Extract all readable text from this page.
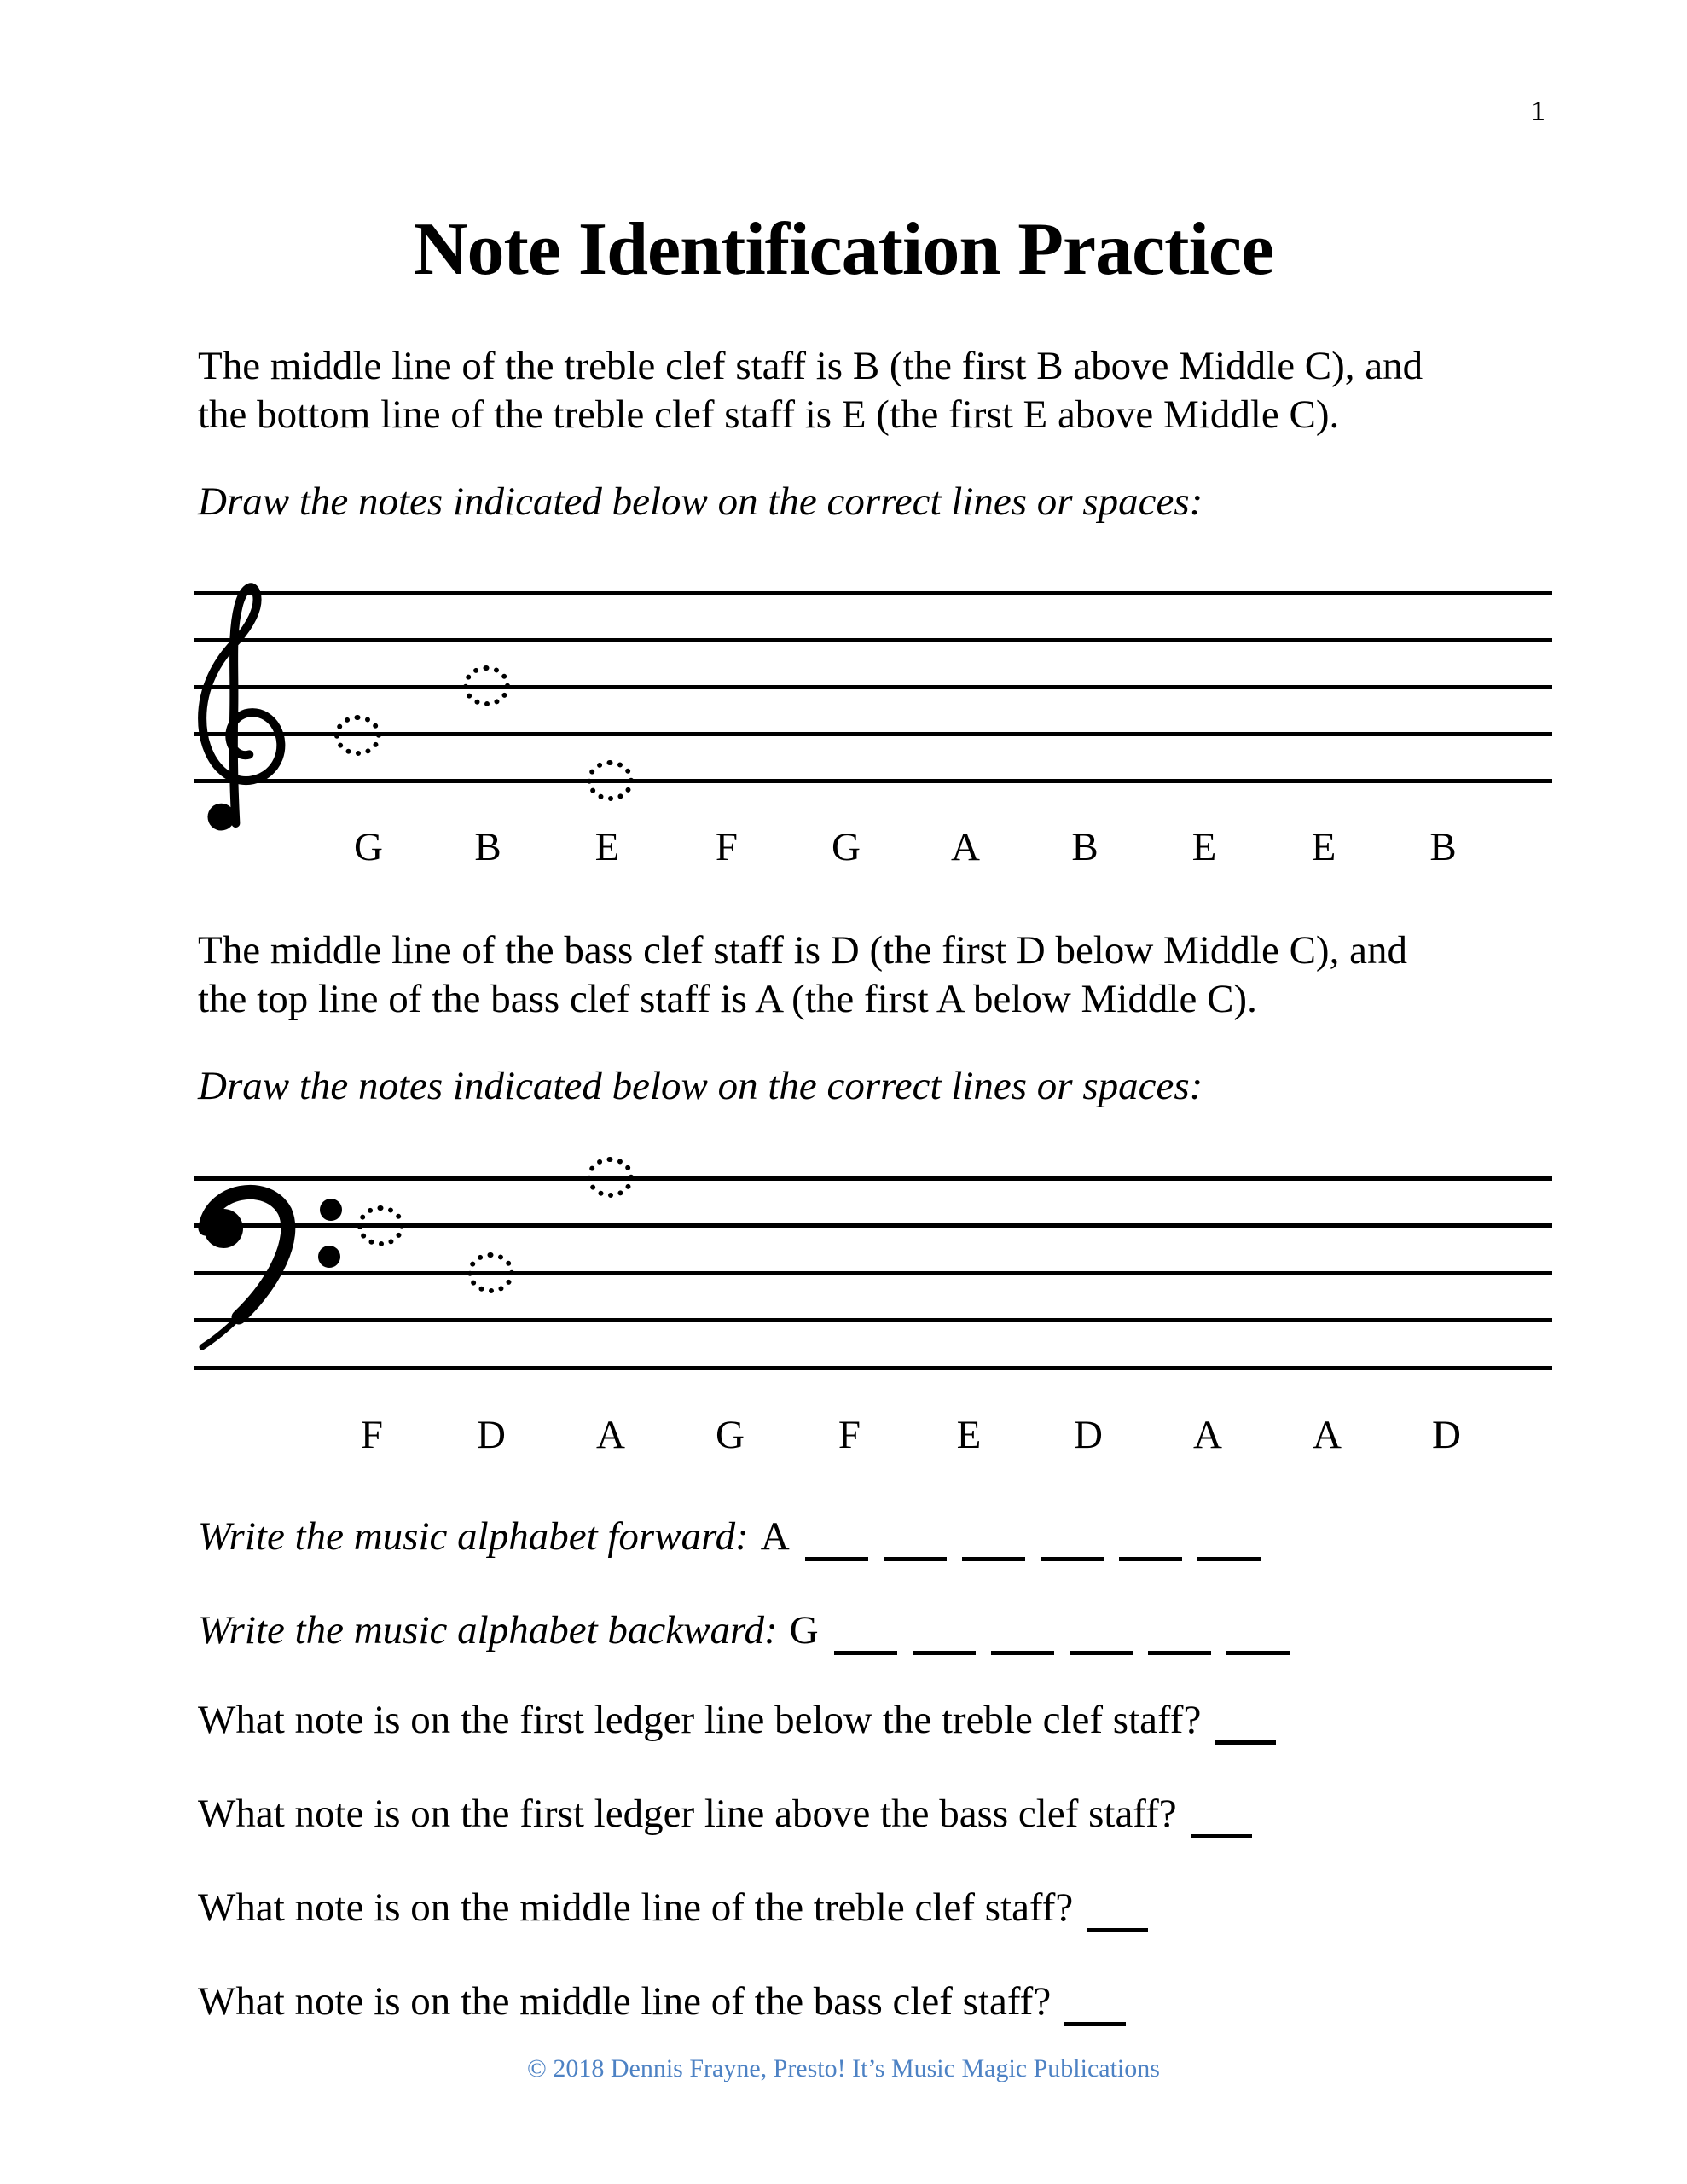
1
Note Identification Practice
The middle line of the treble clef staff is B (the first B above Middle C), and
the bottom line of the treble clef staff is E (the first E above Middle C).
Draw the notes indicated below on the correct lines or spaces:
G	B	E	F	G	A	B	E	E	B
The middle line of the bass clef staff is D (the first D below Middle C), and
the top line of the bass clef staff is A (the first A below Middle C).
Draw the notes indicated below on the correct lines or spaces:
F	D	A	G	F	E	D	A	A	D
Write the music alphabet forward: A
Write the music alphabet backward: G
What note is on the first ledger line below the treble clef staff?
What note is on the first ledger line above the bass clef staff?
What note is on the middle line of the treble clef staff?
What note is on the middle line of the bass clef staff?
© 2018 Dennis Frayne, Presto! It’s Music Magic Publications
